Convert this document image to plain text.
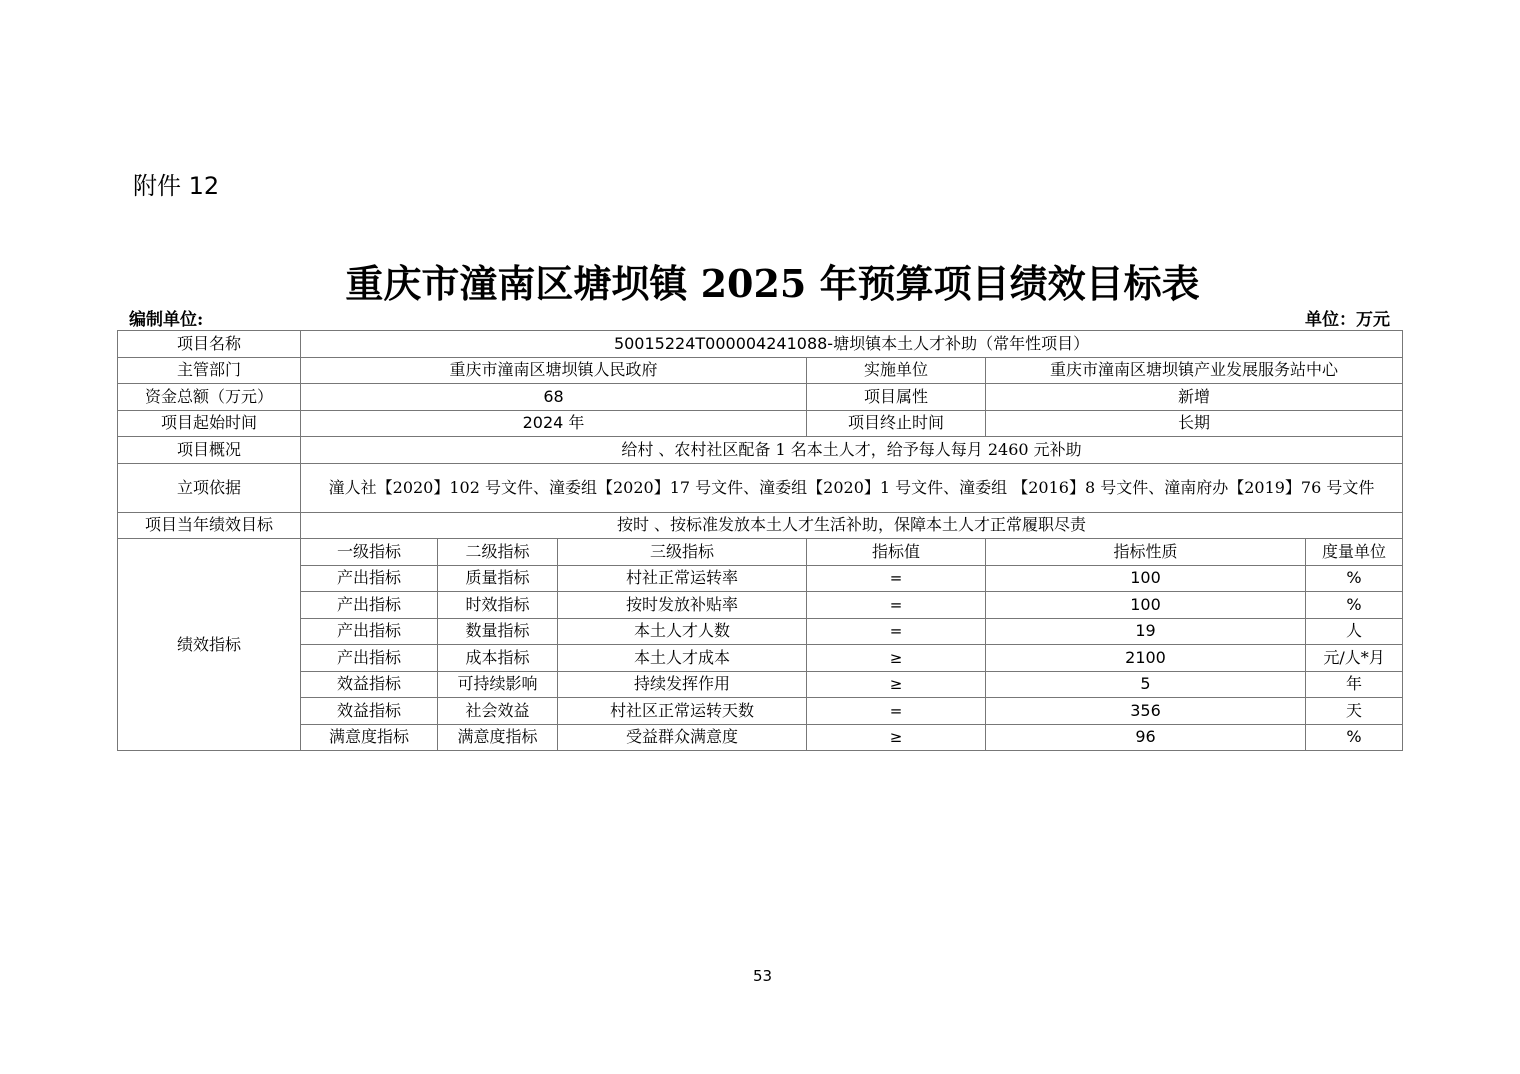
附件 12
重庆市潼南区塘坝镇 2025 年预算项目绩效目标表
编制单位:	单位：万元
项目名称	50015224T000004241088-塘坝镇本土人才补助（常年性项目）					
主管部门	重庆市潼南区塘坝镇人民政府			实施单位	重庆市潼南区塘坝镇产业发展服务站中心	
资金总额（万元）	68			项目属性	新增	
项目起始时间	2024 年			项目终止时间	长期	
项目概况	给村 、农村社区配备 1 名本土人才，给予每人每月 2460 元补助					
立项依据	潼人社【2020】102 号文件、潼委组【2020】17 号文件、潼委组【2020】1 号文件、潼委组 【2016】8 号文件、潼南府办【2019】76 号文件					
项目当年绩效目标	按时 、按标准发放本土人才生活补助，保障本土人才正常履职尽责					
绩效指标	一级指标	二级指标	三级指标	指标值	指标性质	度量单位
	产出指标	质量指标	村社正常运转率	=	100	%
	产出指标	时效指标	按时发放补贴率	=	100	%
	产出指标	数量指标	本土人才人数	=	19	人
	产出指标	成本指标	本土人才成本	≥	2100	元/人*月
	效益指标	可持续影响	持续发挥作用	≥	5	年
	效益指标	社会效益	村社区正常运转天数	=	356	天
	满意度指标	满意度指标	受益群众满意度	≥	96	%
53
